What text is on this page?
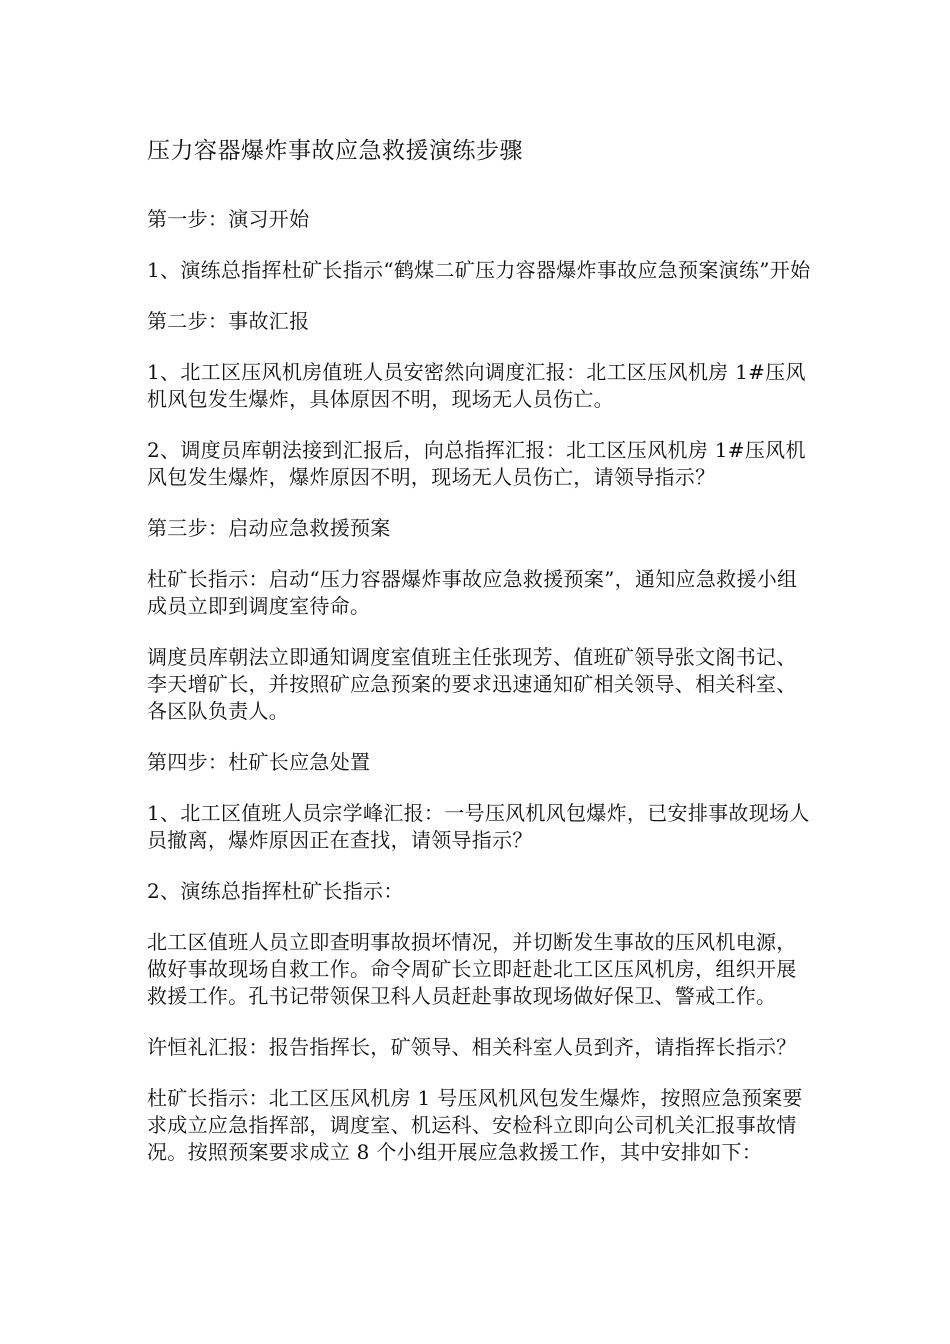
压力容器爆炸事故应急救援演练步骤

第一步：演习开始

1、演练总指挥杜矿长指示“鹤煤二矿压力容器爆炸事故应急预案演练”开始

第二步：事故汇报

1、北工区压风机房值班人员安密然向调度汇报：北工区压风机房 1#压风机风包发生爆炸，具体原因不明，现场无人员伤亡。

2、调度员库朝法接到汇报后，向总指挥汇报：北工区压风机房 1#压风机风包发生爆炸，爆炸原因不明，现场无人员伤亡，请领导指示？

第三步：启动应急救援预案

杜矿长指示：启动“压力容器爆炸事故应急救援预案”，通知应急救援小组成员立即到调度室待命。

调度员库朝法立即通知调度室值班主任张现芳、值班矿领导张文阁书记、李天增矿长，并按照矿应急预案的要求迅速通知矿相关领导、相关科室、各区队负责人。

第四步：杜矿长应急处置

1、北工区值班人员宗学峰汇报：一号压风机风包爆炸，已安排事故现场人员撤离，爆炸原因正在查找，请领导指示？

2、演练总指挥杜矿长指示：

北工区值班人员立即查明事故损坏情况，并切断发生事故的压风机电源，做好事故现场自救工作。命令周矿长立即赶赴北工区压风机房，组织开展救援工作。孔书记带领保卫科人员赶赴事故现场做好保卫、警戒工作。

许恒礼汇报：报告指挥长，矿领导、相关科室人员到齐，请指挥长指示？

杜矿长指示：北工区压风机房 1 号压风机风包发生爆炸，按照应急预案要求成立应急指挥部，调度室、机运科、安检科立即向公司机关汇报事故情况。按照预案要求成立 8 个小组开展应急救援工作，其中安排如下：
